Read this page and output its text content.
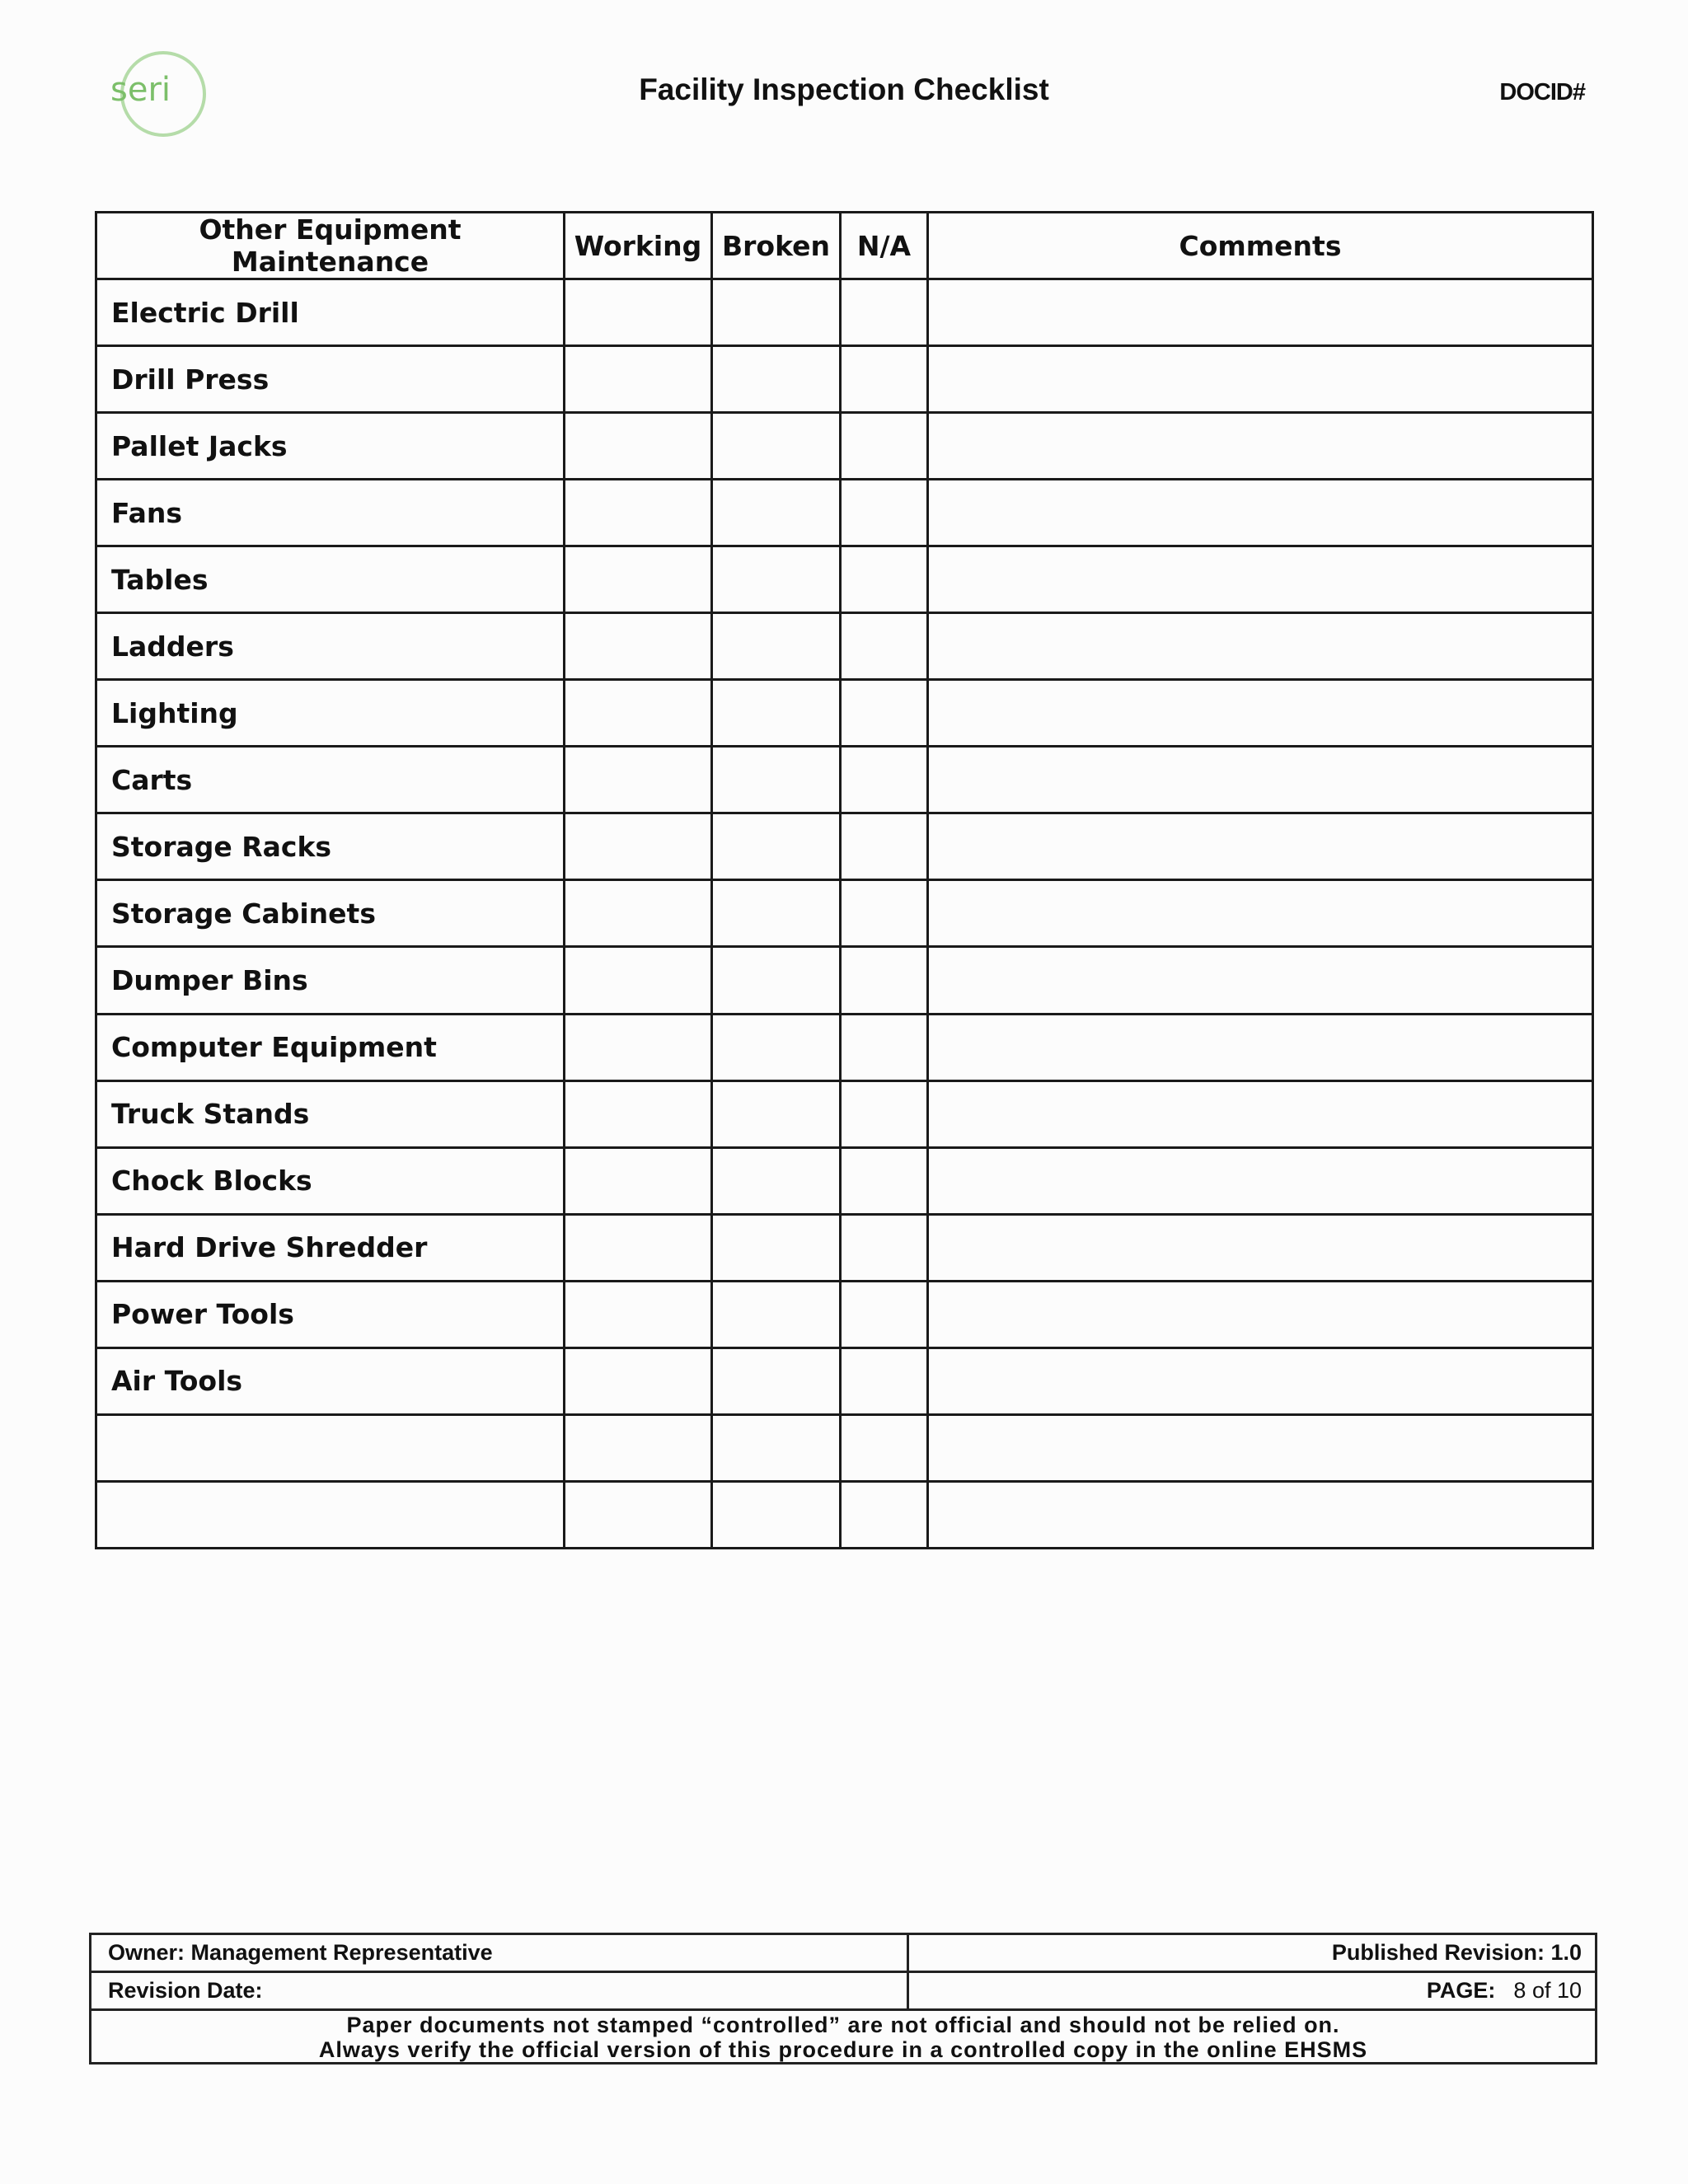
seri	Facility Inspection Checklist	DOCID#
Other Equipment Maintenance	Working	Broken	N/A	Comments
Electric Drill				
Drill Press				
Pallet Jacks				
Fans				
Tables				
Ladders				
Lighting				
Carts				
Storage Racks				
Storage Cabinets				
Dumper Bins				
Computer Equipment				
Truck Stands				
Chock Blocks				
Hard Drive Shredder				
Power Tools				
Air Tools				

Owner: Management Representative	Published Revision: 1.0
Revision Date:	PAGE: 8 of 10
Paper documents not stamped “controlled” are not official and should not be relied on.
Always verify the official version of this procedure in a controlled copy in the online EHSMS
